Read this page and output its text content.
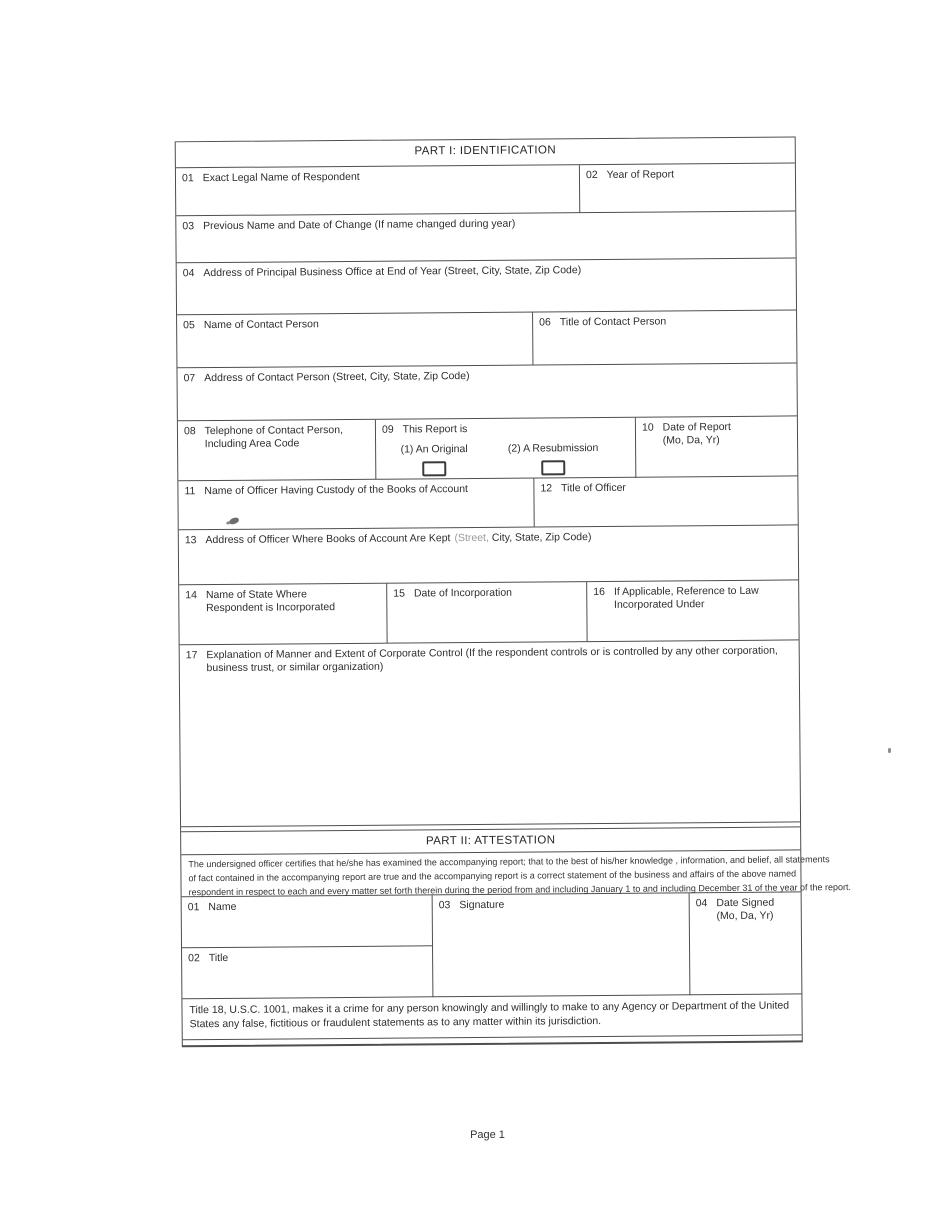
PART I: IDENTIFICATION
01 Exact Legal Name of Respondent	02 Year of Report
03 Previous Name and Date of Change (If name changed during year)
04 Address of Principal Business Office at End of Year (Street, City, State, Zip Code)
05 Name of Contact Person	06 Title of Contact Person
07 Address of Contact Person (Street, City, State, Zip Code)
08 Telephone of Contact Person,
Including Area Code
09 This Report is
(1) An Original	(2) A Resubmission
10 Date of Report
(Mo, Da, Yr)
11 Name of Officer Having Custody of the Books of Account	12 Title of Officer
13 Address of Officer Where Books of Account Are Kept (Street, City, State, Zip Code)
14 Name of State Where
Respondent is Incorporated
15 Date of Incorporation	16 If Applicable, Reference to Law
Incorporated Under
17 Explanation of Manner and Extent of Corporate Control (If the respondent controls or is controlled by any other corporation,
business trust, or similar organization)
PART II: ATTESTATION
The undersigned officer certifies that he/she has examined the accompanying report; that to the best of his/her knowledge , information, and belief, all statements
of fact contained in the accompanying report are true and the accompanying report is a correct statement of the business and affairs of the above named
respondent in respect to each and every matter set forth therein during the period from and including January 1 to and including December 31 of the year of the report.
01 Name
02 Title
03 Signature	04 Date Signed
(Mo, Da, Yr)
Title 18, U.S.C. 1001, makes it a crime for any person knowingly and willingly to make to any Agency or Department of the United
States any false, fictitious or fraudulent statements as to any matter within its jurisdiction.
Page 1
